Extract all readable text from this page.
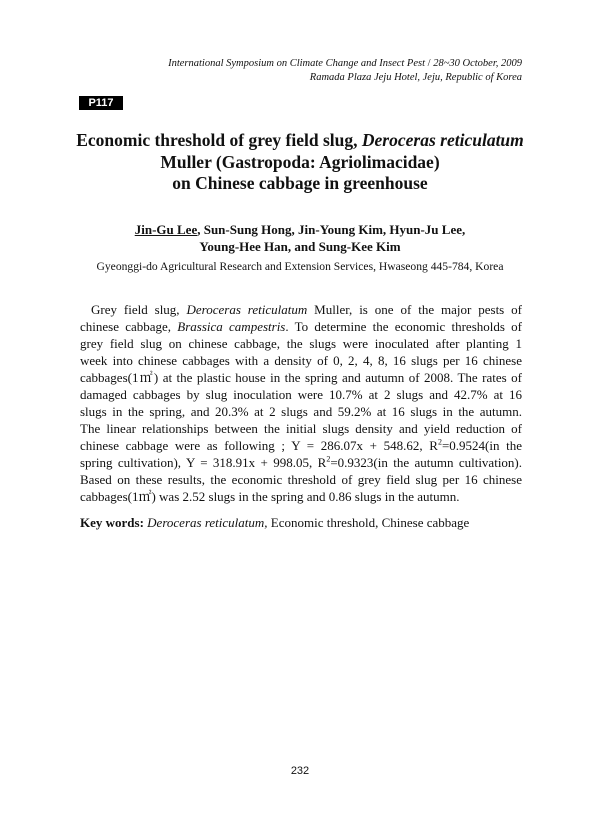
International Symposium on Climate Change and Insect Pest / 28~30 October, 2009
Ramada Plaza Jeju Hotel, Jeju, Republic of Korea
P117
Economic threshold of grey field slug, Deroceras reticulatum
Muller (Gastropoda: Agriolimacidae)
on Chinese cabbage in greenhouse
Jin-Gu Lee, Sun-Sung Hong, Jin-Young Kim, Hyun-Ju Lee,
Young-Hee Han, and Sung-Kee Kim
Gyeonggi-do Agricultural Research and Extension Services, Hwaseong 445-784, Korea
Grey field slug, Deroceras reticulatum Muller, is one of the major pests of
chinese cabbage, Brassica campestris. To determine the economic thresholds of
grey field slug on chinese cabbage, the slugs were inoculated after planting 1
week into chinese cabbages with a density of 0, 2, 4, 8, 16 slugs per 16 chinese
cabbages(1㎡) at the plastic house in the spring and autumn of 2008. The rates of
damaged cabbages by slug inoculation were 10.7% at 2 slugs and 42.7% at 16
slugs in the spring, and 20.3% at 2 slugs and 59.2% at 16 slugs in the autumn.
The linear relationships between the initial slugs density and yield reduction of
chinese cabbage were as following ; Y = 286.07x + 548.62, $R^2=0.9524(in$ the
spring cultivation), Y = 318.91x + 998.05, $R^2=0.9323(in$ the autumn cultivation).
Based on these results, the economic threshold of grey field slug per 16 chinese
cabbages(1㎡) was 2.52 slugs in the spring and 0.86 slugs in the autumn.
Key words: Deroceras reticulatum, Economic threshold, Chinese cabbage
232
